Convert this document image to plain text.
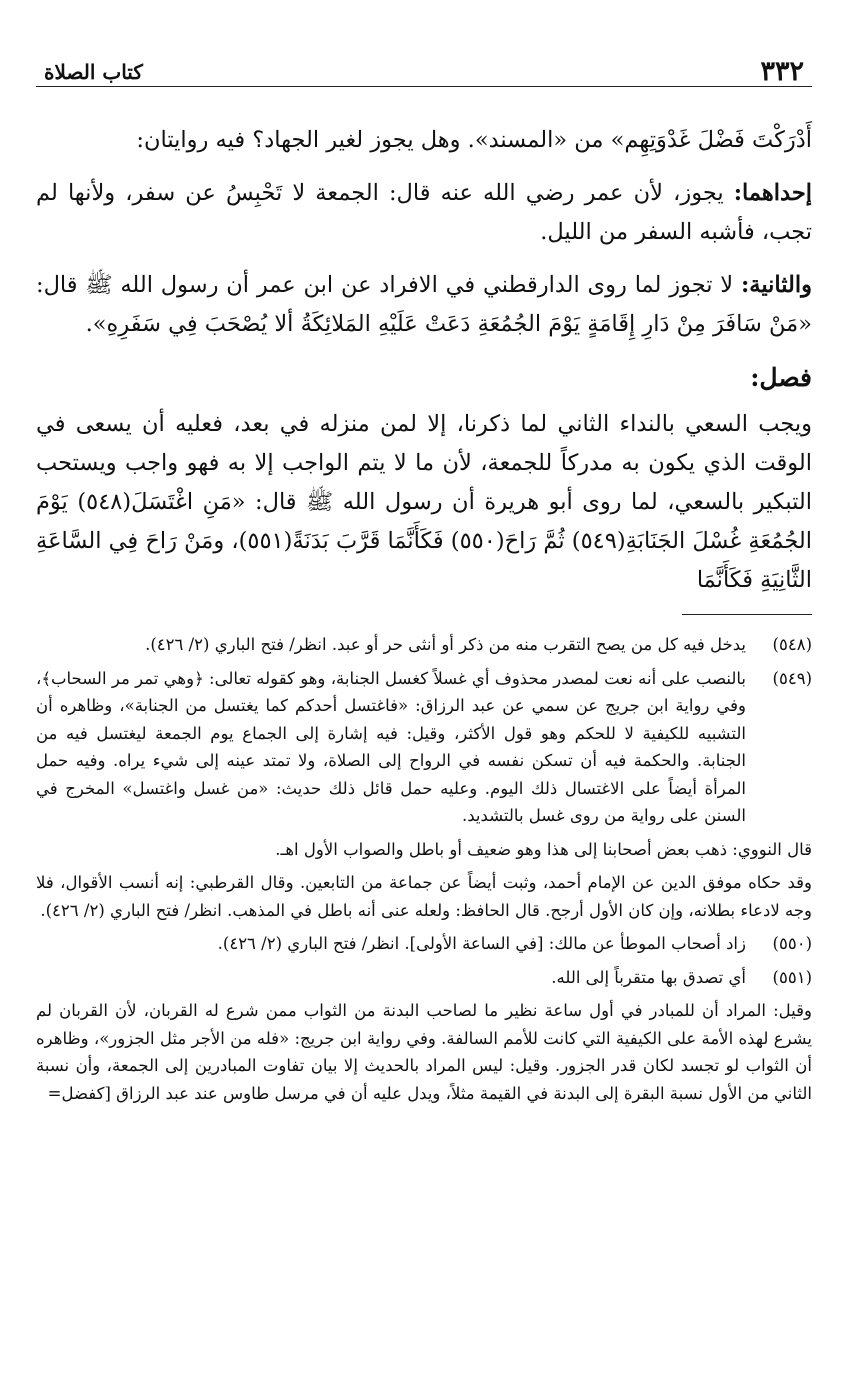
٣٣٢
كتاب الصلاة

أَدْرَكْتَ فَضْلَ غَدْوَتِهِم» من «المسند». وهل يجوز لغير الجهاد؟ فيه روايتان:

إحداهما: يجوز، لأن عمر رضي الله عنه قال: الجمعة لا تَحْبِسُ عن سفر، ولأنها لم تجب، فأشبه السفر من الليل.

والثانية: لا تجوز لما روى الدارقطني في الافراد عن ابن عمر أن رسول الله ﷺ قال: «مَنْ سَافَرَ مِنْ دَارِ إِقَامَةٍ يَوْمَ الجُمُعَةِ دَعَتْ عَلَيْهِ المَلائِكَةُ ألا يُصْحَبَ فِي سَفَرِهِ».

فصل:

ويجب السعي بالنداء الثاني لما ذكرنا، إلا لمن منزله في بعد، فعليه أن يسعى في الوقت الذي يكون به مدركاً للجمعة، لأن ما لا يتم الواجب إلا به فهو واجب ويستحب التبكير بالسعي، لما روى أبو هريرة أن رسول الله ﷺ قال: «مَنِ اغْتَسَلَ(٥٤٨) يَوْمَ الجُمُعَةِ غُسْلَ الجَنَابَةِ(٥٤٩) ثُمَّ رَاحَ(٥٥٠) فَكَأَنَّمَا قَرَّبَ بَدَنَةً(٥٥١)، ومَنْ رَاحَ فِي السَّاعَةِ الثَّانِيَةِ فَكَأَنَّمَا

(٥٤٨)
يدخل فيه كل من يصح التقرب منه من ذكر أو أنثى حر أو عبد. انظر/ فتح الباري (٢/ ٤٢٦).
(٥٤٩)
بالنصب على أنه نعت لمصدر محذوف أي غسلاً كغسل الجنابة، وهو كقوله تعالى: ﴿وهي تمر مر السحاب﴾، وفي رواية ابن جريج عن سمي عن عبد الرزاق: «فاغتسل أحدكم كما يغتسل من الجنابة»، وظاهره أن التشبيه للكيفية لا للحكم وهو قول الأكثر، وقيل: فيه إشارة إلى الجماع يوم الجمعة ليغتسل فيه من الجنابة. والحكمة فيه أن تسكن نفسه في الرواح إلى الصلاة، ولا تمتد عينه إلى شيء يراه. وفيه حمل المرأة أيضاً على الاغتسال ذلك اليوم. وعليه حمل قائل ذلك حديث: «من غسل واغتسل» المخرج في السنن على رواية من روى غسل بالتشديد.

قال النووي: ذهب بعض أصحابنا إلى هذا وهو ضعيف أو باطل والصواب الأول اهـ.

وقد حكاه موفق الدين عن الإمام أحمد، وثبت أيضاً عن جماعة من التابعين. وقال القرطبي: إنه أنسب الأقوال، فلا وجه لادعاء بطلانه، وإن كان الأول أرجح. قال الحافظ: ولعله عنى أنه باطل في المذهب. انظر/ فتح الباري (٢/ ٤٢٦).

(٥٥٠)
زاد أصحاب الموطأ عن مالك: [في الساعة الأولى]. انظر/ فتح الباري (٢/ ٤٢٦).
(٥٥١)
أي تصدق بها متقرباً إلى الله.

وقيل: المراد أن للمبادر في أول ساعة نظير ما لصاحب البدنة من الثواب ممن شرع له القربان، لأن القربان لم يشرع لهذه الأمة على الكيفية التي كانت للأمم السالفة. وفي رواية ابن جريج: «فله من الأجر مثل الجزور»، وظاهره أن الثواب لو تجسد لكان قدر الجزور. وقيل: ليس المراد بالحديث إلا بيان تفاوت المبادرين إلى الجمعة، وأن نسبة الثاني من الأول نسبة البقرة إلى البدنة في القيمة مثلاً، ويدل عليه أن في مرسل طاوس عند عبد الرزاق [كفضل=
